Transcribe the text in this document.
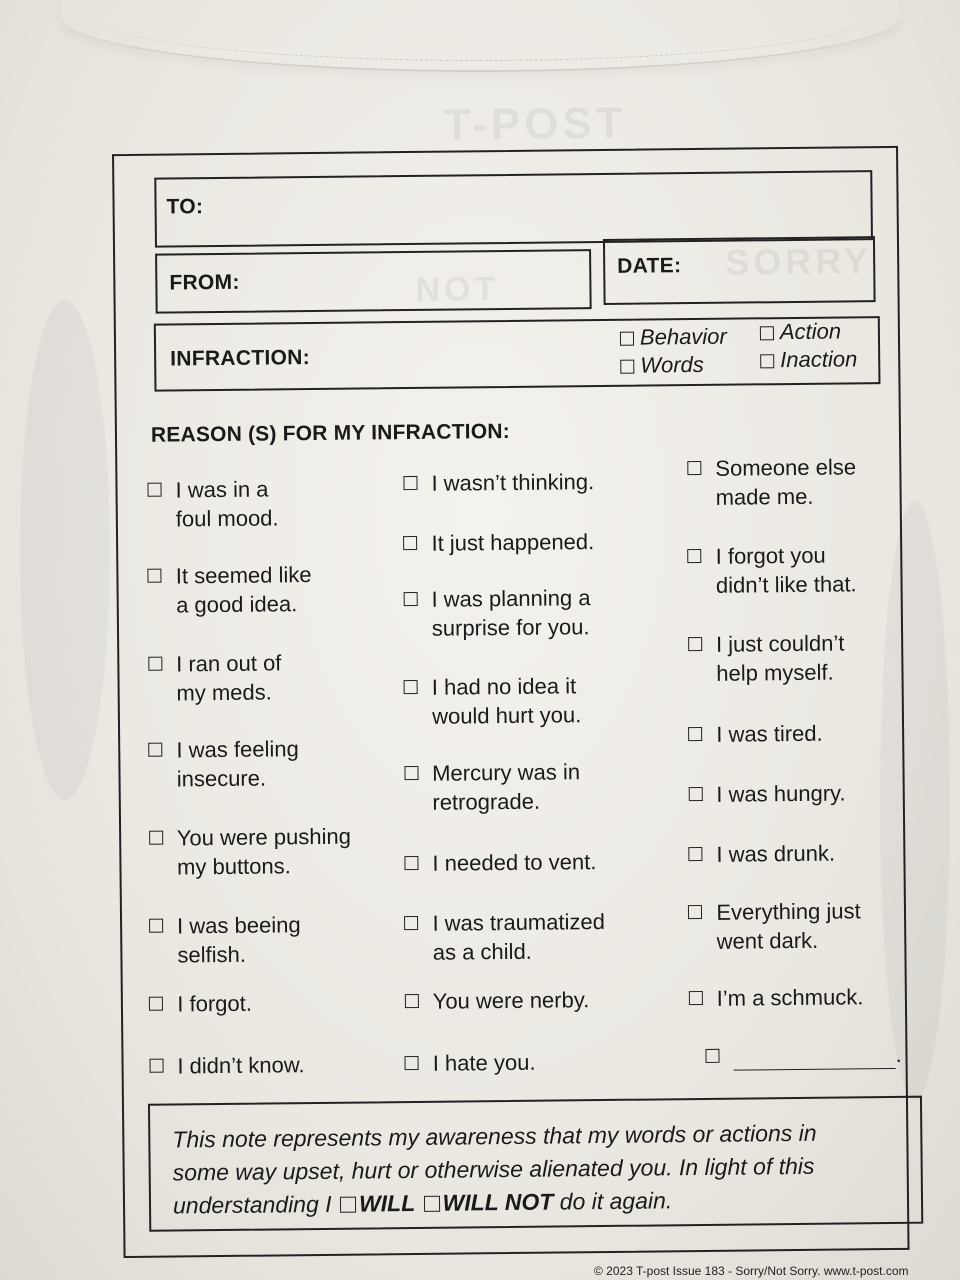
T-POST
SORRY
NOT
TO:
FROM:
DATE:
INFRACTION:
Behavior	Action
Words	Inaction
REASON (S) FOR MY INFRACTION:
I was in a
foul mood.
It seemed like
a good idea.
I ran out of
my meds.
I was feeling
insecure.
You were pushing
my buttons.
I was beeing
selfish.
I forgot.
I didn’t know.
I wasn’t thinking.
It just happened.
I was planning a
surprise for you.
I had no idea it
would hurt you.
Mercury was in
retrograde.
I needed to vent.
I was traumatized
as a child.
You were nerby.
I hate you.
Someone else
made me.
I forgot you
didn’t like that.
I just couldn’t
help myself.
I was tired.
I was hungry.
I was drunk.
Everything just
went dark.
I’m a schmuck.
.
This note represents my awareness that my words or actions in
some way upset, hurt or otherwise alienated you. In light of this
understanding I WILL WILL NOT do it again.
© 2023 T-post Issue 183 - Sorry/Not Sorry. www.t-post.com
